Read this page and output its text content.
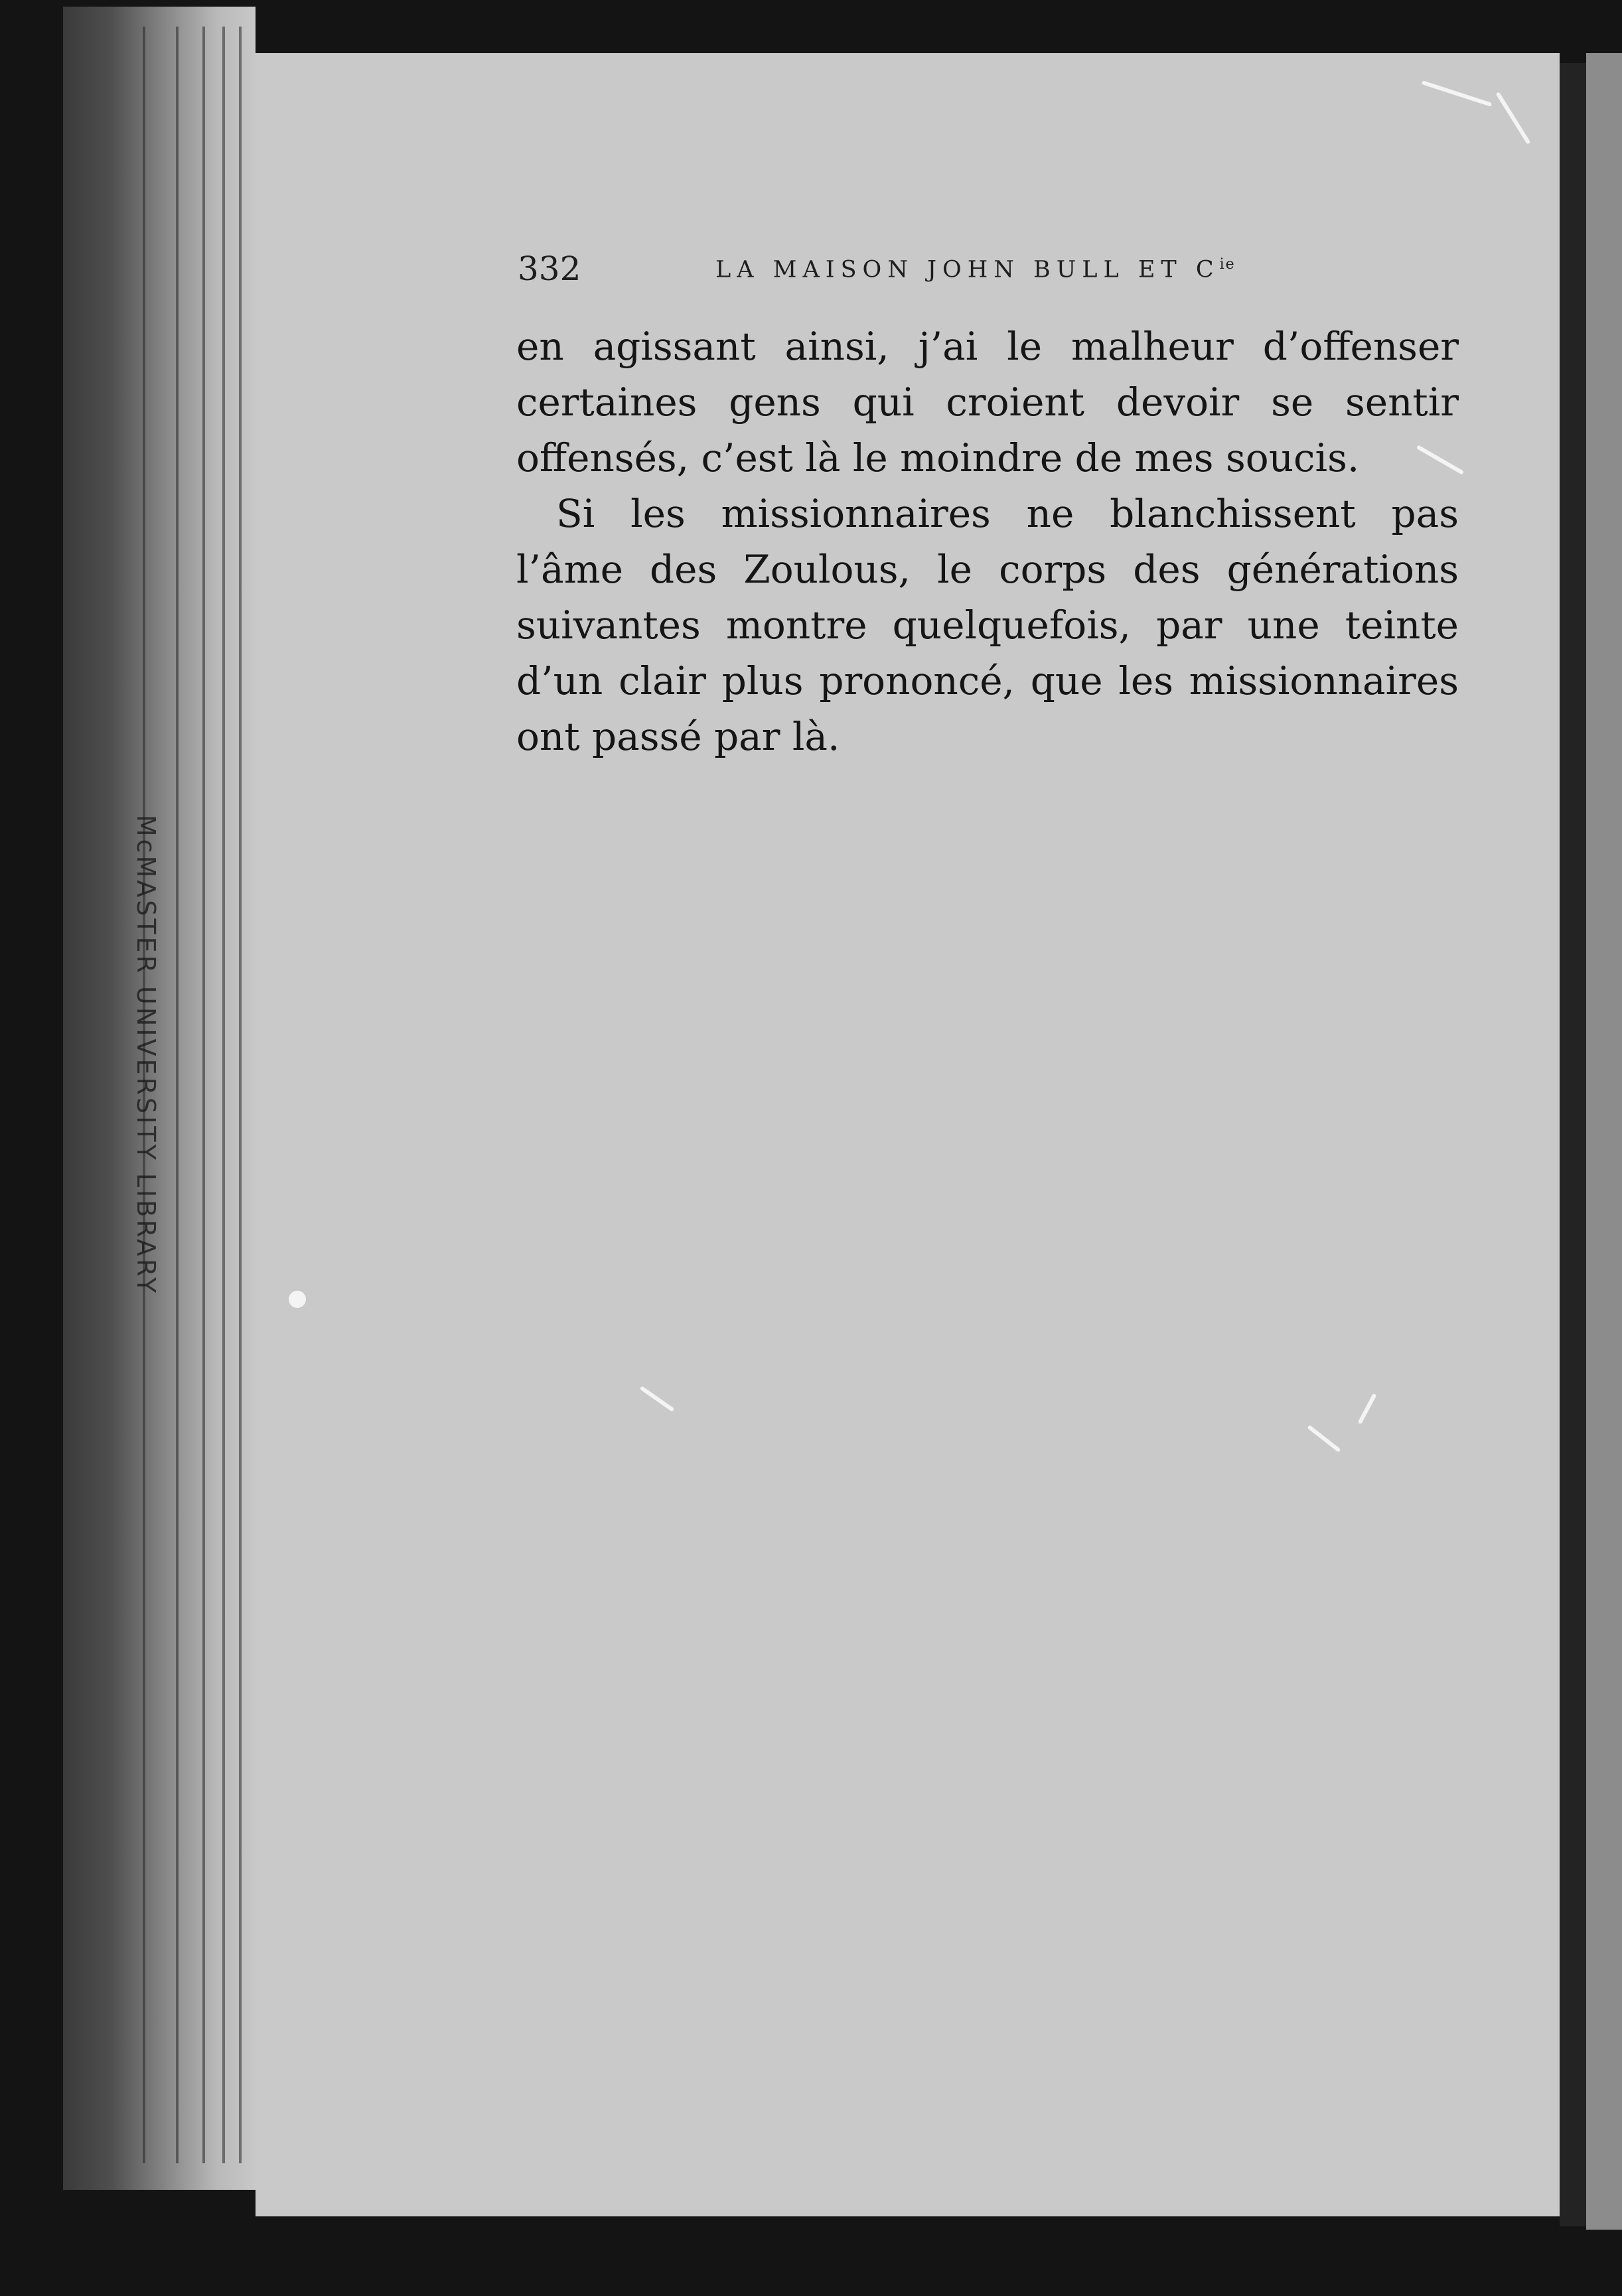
McMASTER UNIVERSITY LIBRARY
332	LA MAISON JOHN BULL ET $C^{ie}$

en agissant ainsi, j’ai le malheur d’offenser certaines gens qui croient devoir se sentir offensés, c’est là le moindre de mes soucis.

Si les missionnaires ne blanchissent pas l’âme des Zoulous, le corps des générations suivantes montre quelquefois, par une teinte d’un clair plus prononcé, que les missionnaires ont passé par là.
